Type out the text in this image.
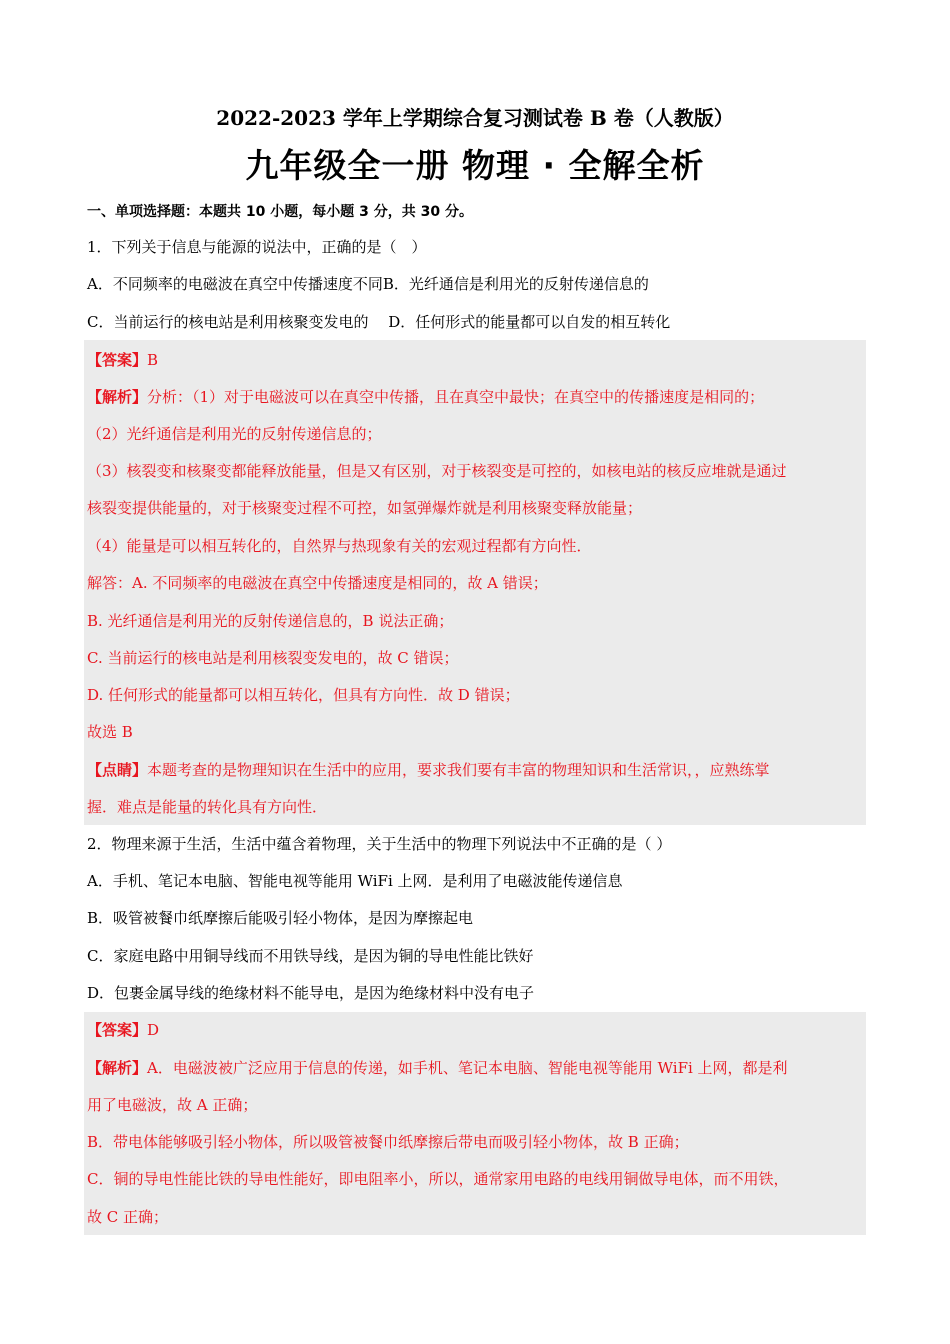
2022-2023 学年上学期综合复习测试卷 B 卷（人教版）
九年级全一册 物理 · 全解全析
一、单项选择题：本题共 10 小题，每小题 3 分，共 30 分。
1．下列关于信息与能源的说法中，正确的是（　）
A．不同频率的电磁波在真空中传播速度不同B．光纤通信是利用光的反射传递信息的
C．当前运行的核电站是利用核聚变发电的　 D．任何形式的能量都可以自发的相互转化
【答案】B
【解析】分析：（1）对于电磁波可以在真空中传播，且在真空中最快；在真空中的传播速度是相同的；
（2）光纤通信是利用光的反射传递信息的；
（3）核裂变和核聚变都能释放能量，但是又有区别，对于核裂变是可控的，如核电站的核反应堆就是通过
核裂变提供能量的，对于核聚变过程不可控，如氢弹爆炸就是利用核聚变释放能量；
（4）能量是可以相互转化的，自然界与热现象有关的宏观过程都有方向性．
解答：A. 不同频率的电磁波在真空中传播速度是相同的，故 A 错误；
B. 光纤通信是利用光的反射传递信息的，B 说法正确；
C. 当前运行的核电站是利用核裂变发电的，故 C 错误；
D. 任何形式的能量都可以相互转化，但具有方向性．故 D 错误；
故选 B
【点睛】本题考查的是物理知识在生活中的应用，要求我们要有丰富的物理知识和生活常识，，应熟练掌
握．难点是能量的转化具有方向性．
2．物理来源于生活，生活中蕴含着物理，关于生活中的物理下列说法中不正确的是（ ）
A．手机、笔记本电脑、智能电视等能用 WiFi 上网．是利用了电磁波能传递信息
B．吸管被餐巾纸摩擦后能吸引轻小物体，是因为摩擦起电
C．家庭电路中用铜导线而不用铁导线，是因为铜的导电性能比铁好
D．包裹金属导线的绝缘材料不能导电，是因为绝缘材料中没有电子
【答案】D
【解析】A．电磁波被广泛应用于信息的传递，如手机、笔记本电脑、智能电视等能用 WiFi 上网，都是利
用了电磁波，故 A 正确；
B．带电体能够吸引轻小物体，所以吸管被餐巾纸摩擦后带电而吸引轻小物体，故 B 正确；
C．铜的导电性能比铁的导电性能好，即电阻率小，所以，通常家用电路的电线用铜做导电体，而不用铁，
故 C 正确；
